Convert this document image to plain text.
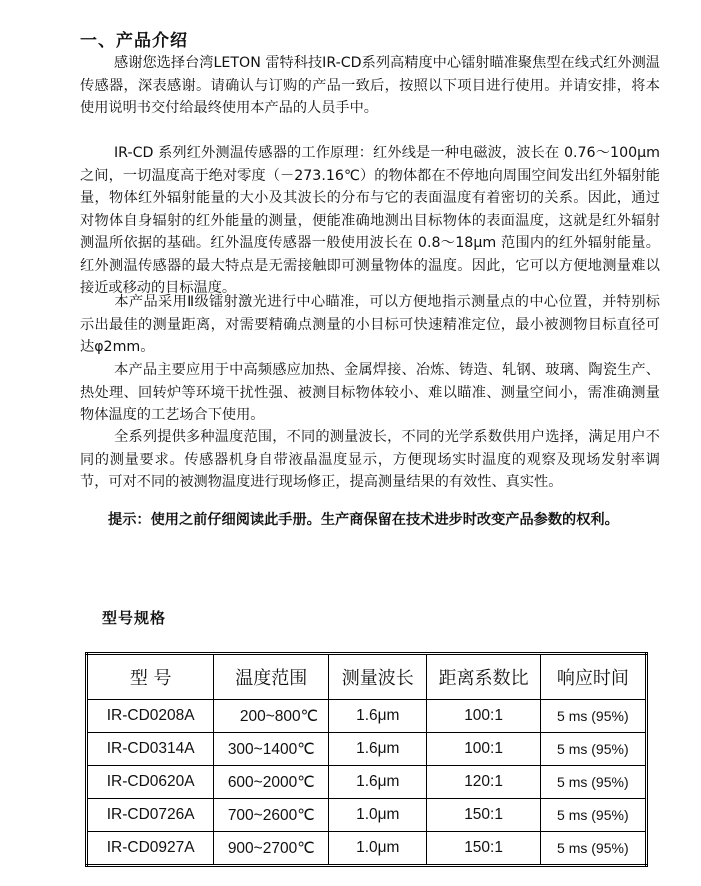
一、产品介绍
感谢您选择台湾LETON 雷特科技IR-CD系列高精度中心镭射瞄准聚焦型在线式红外测温传感器，深表感谢。请确认与订购的产品一致后，按照以下项目进行使用。并请安排，将本使用说明书交付给最终使用本产品的人员手中。
IR-CD 系列红外测温传感器的工作原理：红外线是一种电磁波，波长在 0.76～100μm之间，一切温度高于绝对零度（－273.16℃）的物体都在不停地向周围空间发出红外辐射能量，物体红外辐射能量的大小及其波长的分布与它的表面温度有着密切的关系。因此，通过对物体自身辐射的红外能量的测量，便能准确地测出目标物体的表面温度，这就是红外辐射测温所依据的基础。红外温度传感器一般使用波长在 0.8～18μm 范围内的红外辐射能量。红外测温传感器的最大特点是无需接触即可测量物体的温度。因此，它可以方便地测量难以接近或移动的目标温度。
本产品采用Ⅱ级镭射激光进行中心瞄准，可以方便地指示测量点的中心位置，并特别标示出最佳的测量距离，对需要精确点测量的小目标可快速精准定位，最小被测物目标直径可达φ2mm。
本产品主要应用于中高频感应加热、金属焊接、冶炼、铸造、轧钢、玻璃、陶瓷生产、热处理、回转炉等环境干扰性强、被测目标物体较小、难以瞄准、测量空间小，需准确测量物体温度的工艺场合下使用。
全系列提供多种温度范围，不同的测量波长，不同的光学系数供用户选择，满足用户不同的测量要求。传感器机身自带液晶温度显示，方便现场实时温度的观察及现场发射率调节，可对不同的被测物温度进行现场修正，提高测量结果的有效性、真实性。
提示：使用之前仔细阅读此手册。生产商保留在技术进步时改变产品参数的权利。
型号规格
型 号	温度范围	测量波长	距离系数比	响应时间
IR-CD0208A	200~800℃	1.6μm	100:1	5 ms (95%)
IR-CD0314A	300~1400℃	1.6μm	100:1	5 ms (95%)
IR-CD0620A	600~2000℃	1.6μm	120:1	5 ms (95%)
IR-CD0726A	700~2600℃	1.0μm	150:1	5 ms (95%)
IR-CD0927A	900~2700℃	1.0μm	150:1	5 ms (95%)
